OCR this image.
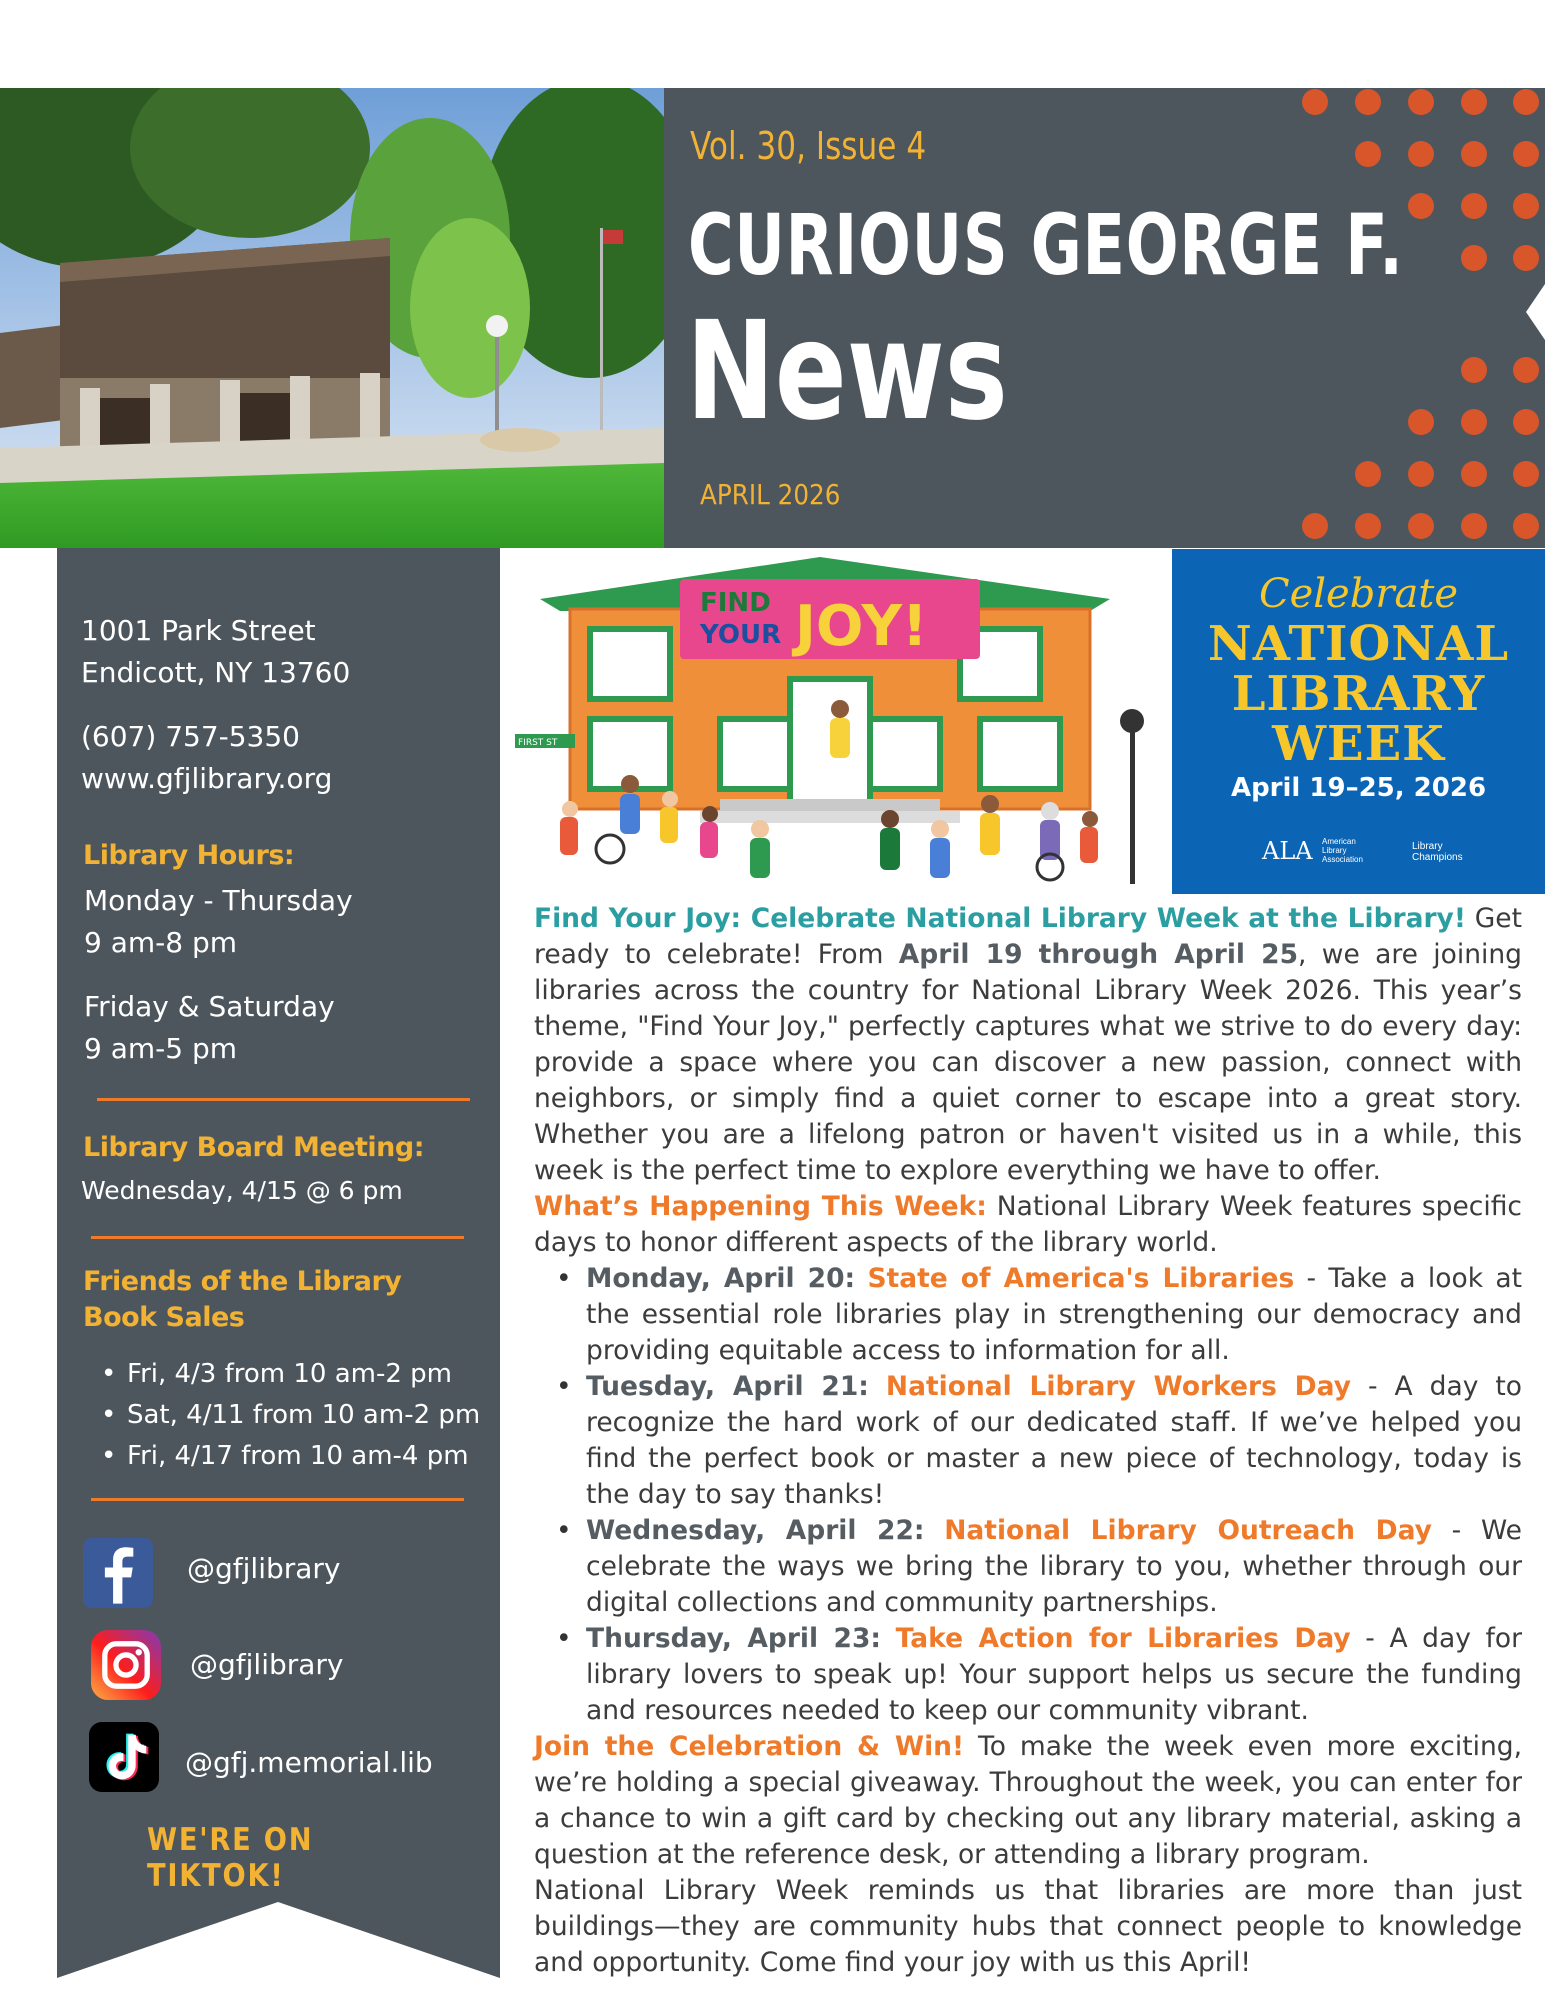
Vol. 30, Issue 4
CURIOUS GEORGE F.
News
APRIL 2026
1001 Park Street
Endicott, NY 13760
(607) 757-5350
www.gfjlibrary.org
Library Hours:
Monday - Thursday
9 am-8 pm
Friday & Saturday
9 am-5 pm
Library Board Meeting:
Wednesday, 4/15 @ 6 pm
Friends of the Library
Book Sales
• Fri, 4/3 from 10 am-2 pm
• Sat, 4/11 from 10 am-2 pm
• Fri, 4/17 from 10 am-4 pm
@gfjlibrary
@gfjlibrary
@gfj.memorial.lib
WE'RE ON TIKTOK!
FIND
YOUR JOY!
FIRST ST
Celebrate
NATIONAL
LIBRARY
WEEK
April 19–25, 2026
ALA American Library Association
Library Champions

Find Your Joy: Celebrate National Library Week at the Library! Get ready to celebrate! From April 19 through April 25, we are joining libraries across the country for National Library Week 2026. This year’s theme, "Find Your Joy," perfectly captures what we strive to do every day: provide a space where you can discover a new passion, connect with neighbors, or simply find a quiet corner to escape into a great story. Whether you are a lifelong patron or haven't visited us in a while, this week is the perfect time to explore everything we have to offer.

What’s Happening This Week: National Library Week features specific days to honor different aspects of the library world.

• Monday, April 20: State of America's Libraries - Take a look at the essential role libraries play in strengthening our democracy and providing equitable access to information for all.
• Tuesday, April 21: National Library Workers Day - A day to recognize the hard work of our dedicated staff. If we’ve helped you find the perfect book or master a new piece of technology, today is the day to say thanks!
• Wednesday, April 22: National Library Outreach Day - We celebrate the ways we bring the library to you, whether through our digital collections and community partnerships.
• Thursday, April 23: Take Action for Libraries Day - A day for library lovers to speak up! Your support helps us secure the funding and resources needed to keep our community vibrant.

Join the Celebration & Win! To make the week even more exciting, we’re holding a special giveaway. Throughout the week, you can enter for a chance to win a gift card by checking out any library material, asking a question at the reference desk, or attending a library program.

National Library Week reminds us that libraries are more than just buildings—they are community hubs that connect people to knowledge and opportunity. Come find your joy with us this April!
